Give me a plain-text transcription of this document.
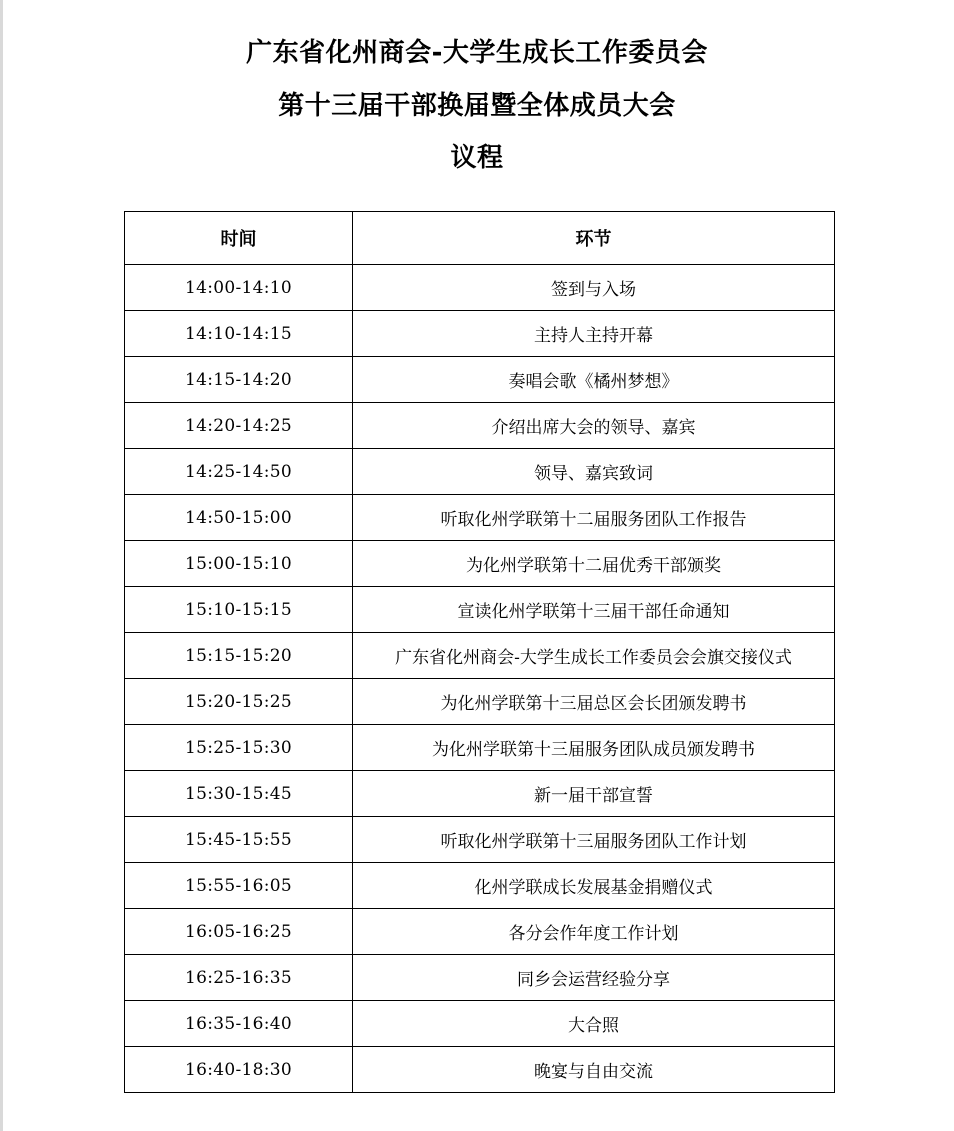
广东省化州商会-大学生成长工作委员会
第十三届干部换届暨全体成员大会
议程
时间	环节
14:00-14:10	签到与入场
14:10-14:15	主持人主持开幕
14:15-14:20	奏唱会歌《橘州梦想》
14:20-14:25	介绍出席大会的领导、嘉宾
14:25-14:50	领导、嘉宾致词
14:50-15:00	听取化州学联第十二届服务团队工作报告
15:00-15:10	为化州学联第十二届优秀干部颁奖
15:10-15:15	宣读化州学联第十三届干部任命通知
15:15-15:20	广东省化州商会-大学生成长工作委员会会旗交接仪式
15:20-15:25	为化州学联第十三届总区会长团颁发聘书
15:25-15:30	为化州学联第十三届服务团队成员颁发聘书
15:30-15:45	新一届干部宣誓
15:45-15:55	听取化州学联第十三届服务团队工作计划
15:55-16:05	化州学联成长发展基金捐赠仪式
16:05-16:25	各分会作年度工作计划
16:25-16:35	同乡会运营经验分享
16:35-16:40	大合照
16:40-18:30	晚宴与自由交流
